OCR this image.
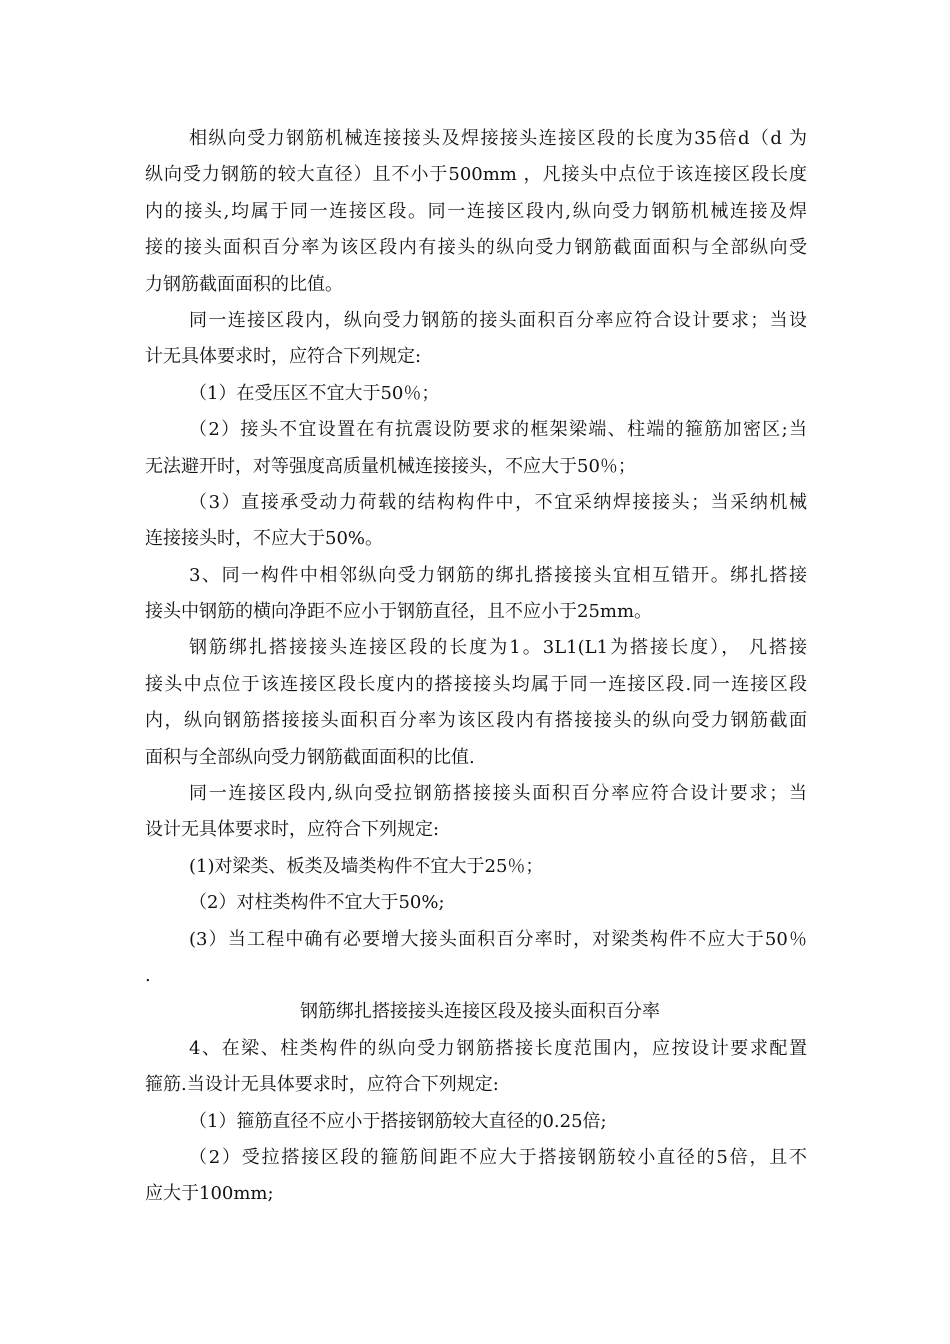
相纵向受力钢筋机械连接接头及焊接接头连接区段的长度为35倍d（d 为
纵向受力钢筋的较大直径）且不小于500mm ，凡接头中点位于该连接区段长度
内的接头,均属于同一连接区段。同一连接区段内,纵向受力钢筋机械连接及焊
接的接头面积百分率为该区段内有接头的纵向受力钢筋截面面积与全部纵向受
力钢筋截面面积的比值。
同一连接区段内，纵向受力钢筋的接头面积百分率应符合设计要求；当设
计无具体要求时，应符合下列规定:
（1）在受压区不宜大于50％；
（2）接头不宜设置在有抗震设防要求的框架梁端、柱端的箍筋加密区;当
无法避开时，对等强度高质量机械连接接头，不应大于50％；
（3）直接承受动力荷载的结构构件中，不宜采纳焊接接头；当采纳机械
连接接头时，不应大于50%。
3、同一构件中相邻纵向受力钢筋的绑扎搭接接头宜相互错开。绑扎搭接
接头中钢筋的横向净距不应小于钢筋直径，且不应小于25mm。
钢筋绑扎搭接接头连接区段的长度为1。3L1(L1为搭接长度）， 凡搭接
接头中点位于该连接区段长度内的搭接接头均属于同一连接区段.同一连接区段
内，纵向钢筋搭接接头面积百分率为该区段内有搭接接头的纵向受力钢筋截面
面积与全部纵向受力钢筋截面面积的比值.
同一连接区段内,纵向受拉钢筋搭接接头面积百分率应符合设计要求；当
设计无具体要求时，应符合下列规定:
(1)对梁类、板类及墙类构件不宜大于25％；
（2）对柱类构件不宜大于50%;
(3）当工程中确有必要增大接头面积百分率时，对梁类构件不应大于50％
.
钢筋绑扎搭接接头连接区段及接头面积百分率
4、在梁、柱类构件的纵向受力钢筋搭接长度范围内，应按设计要求配置
箍筋.当设计无具体要求时，应符合下列规定:
（1）箍筋直径不应小于搭接钢筋较大直径的0.25倍;
（2）受拉搭接区段的箍筋间距不应大于搭接钢筋较小直径的5倍，且不
应大于100mm;
